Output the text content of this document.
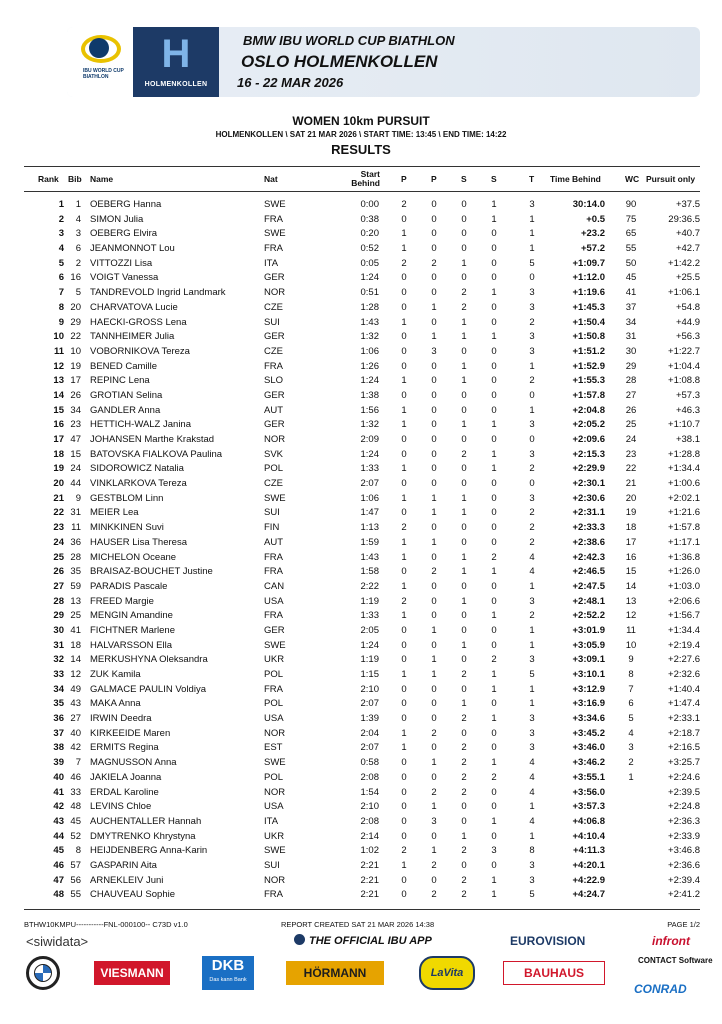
IBU WORLD CUP BIATHLON
H
HOLMENKOLLEN
BMW IBU WORLD CUP BIATHLON
OSLO HOLMENKOLLEN
16 - 22 MAR 2026
WOMEN 10km PURSUIT
HOLMENKOLLEN \ SAT 21 MAR 2026 \ START TIME: 13:45 \ END TIME: 14:22
RESULTS
Rank Bib Name	Nat	Start Behind P	P	S	S	T Time Behind	WC Pursuit only
1	1 OEBERG Hanna	SWE	0:00 2	0	0	1	3	30:14.0	90	+37.5
2	4 SIMON Julia	FRA	0:38 0	0	0	1	1	+0.5	75	29:36.5
3	3 OEBERG Elvira	SWE	0:20 1	0	0	0	1	+23.2	65	+40.7
4	6 JEANMONNOT Lou	FRA	0:52 1	0	0	0	1	+57.2	55	+42.7
5	2 VITTOZZI Lisa	ITA	0:05 2	2	1	0	5	+1:09.7	50	+1:42.2
6 16 VOIGT Vanessa	GER	1:24 0	0	0	0	0	+1:12.0	45	+25.5
7	5 TANDREVOLD Ingrid Landmark	NOR	0:51 0	0	2	1	3	+1:19.6	41	+1:06.1
8 20 CHARVATOVA Lucie	CZE	1:28 0	1	2	0	3	+1:45.3	37	+54.8
9 29 HAECKI-GROSS Lena	SUI	1:43 1	0	1	0	2	+1:50.4	34	+44.9
10 22 TANNHEIMER Julia	GER	1:32 0	1	1	1	3	+1:50.8	31	+56.3
11 10 VOBORNIKOVA Tereza	CZE	1:06 0	3	0	0	3	+1:51.2	30	+1:22.7
12 19 BENED Camille	FRA	1:26 0	0	1	0	1	+1:52.9	29	+1:04.4
13 17 REPINC Lena	SLO	1:24 1	0	1	0	2	+1:55.3	28	+1:08.8
14 26 GROTIAN Selina	GER	1:38 0	0	0	0	0	+1:57.8	27	+57.3
15 34 GANDLER Anna	AUT	1:56 1	0	0	0	1	+2:04.8	26	+46.3
16 23 HETTICH-WALZ Janina	GER	1:32 1	0	1	1	3	+2:05.2	25	+1:10.7
17 47 JOHANSEN Marthe Krakstad	NOR	2:09 0	0	0	0	0	+2:09.6	24	+38.1
18 15 BATOVSKA FIALKOVA Paulina	SVK	1:24 0	0	2	1	3	+2:15.3	23	+1:28.8
19 24 SIDOROWICZ Natalia	POL	1:33 1	0	0	1	2	+2:29.9	22	+1:34.4
20 44 VINKLARKOVA Tereza	CZE	2:07 0	0	0	0	0	+2:30.1	21	+1:00.6
21	9 GESTBLOM Linn	SWE	1:06 1	1	1	0	3	+2:30.6	20	+2:02.1
22 31 MEIER Lea	SUI	1:47 0	1	1	0	2	+2:31.1	19	+1:21.6
23 11 MINKKINEN Suvi	FIN	1:13 2	0	0	0	2	+2:33.3	18	+1:57.8
24 36 HAUSER Lisa Theresa	AUT	1:59 1	1	0	0	2	+2:38.6	17	+1:17.1
25 28 MICHELON Oceane	FRA	1:43 1	0	1	2	4	+2:42.3	16	+1:36.8
26 35 BRAISAZ-BOUCHET Justine	FRA	1:58 0	2	1	1	4	+2:46.5	15	+1:26.0
27 59 PARADIS Pascale	CAN	2:22 1	0	0	0	1	+2:47.5	14	+1:03.0
28 13 FREED Margie	USA	1:19 2	0	1	0	3	+2:48.1	13	+2:06.6
29 25 MENGIN Amandine	FRA	1:33 1	0	0	1	2	+2:52.2	12	+1:56.7
30 41 FICHTNER Marlene	GER	2:05 0	1	0	0	1	+3:01.9	11	+1:34.4
31 18 HALVARSSON Ella	SWE	1:24 0	0	1	0	1	+3:05.9	10	+2:19.4
32 14 MERKUSHYNA Oleksandra	UKR	1:19 0	1	0	2	3	+3:09.1	9	+2:27.6
33 12 ZUK Kamila	POL	1:15 1	1	2	1	5	+3:10.1	8	+2:32.6
34 49 GALMACE PAULIN Voldiya	FRA	2:10 0	0	0	1	1	+3:12.9	7	+1:40.4
35 43 MAKA Anna	POL	2:07 0	0	1	0	1	+3:16.9	6	+1:47.4
36 27 IRWIN Deedra	USA	1:39 0	0	2	1	3	+3:34.6	5	+2:33.1
37 40 KIRKEEIDE Maren	NOR	2:04 1	2	0	0	3	+3:45.2	4	+2:18.7
38 42 ERMITS Regina	EST	2:07 1	0	2	0	3	+3:46.0	3	+2:16.5
39	7 MAGNUSSON Anna	SWE	0:58 0	1	2	1	4	+3:46.2	2	+3:25.7
40 46 JAKIELA Joanna	POL	2:08 0	0	2	2	4	+3:55.1	1	+2:24.6
41 33 ERDAL Karoline	NOR	1:54 0	2	2	0	4	+3:56.0	+2:39.5
42 48 LEVINS Chloe	USA	2:10 0	1	0	0	1	+3:57.3	+2:24.8
43 45 AUCHENTALLER Hannah	ITA	2:08 0	3	0	1	4	+4:06.8	+2:36.3
44 52 DMYTRENKO Khrystyna	UKR	2:14 0	0	1	0	1	+4:10.4	+2:33.9
45	8 HEIJDENBERG Anna-Karin	SWE	1:02 2	1	2	3	8	+4:11.3	+3:46.8
46 57 GASPARIN Aita	SUI	2:21 1	2	0	0	3	+4:20.1	+2:36.6
47 56 ARNEKLEIV Juni	NOR	2:21 0	0	2	1	3	+4:22.9	+2:39.4
48 55 CHAUVEAU Sophie	FRA	2:21 0	2	2	1	5	+4:24.7	+2:41.2
BTHW10KMPU-----------FNL-000100-- C73D v1.0	REPORT CREATED SAT 21 MAR 2026 14:38	PAGE 1/2
<siwidata>	THE OFFICIAL IBU APP	EUROVISION	infront
VIESMANN	DKB
Das kann Bank	HÖRMANN	LaVita	BAUHAUS
CONTACT Software
CONRAD
